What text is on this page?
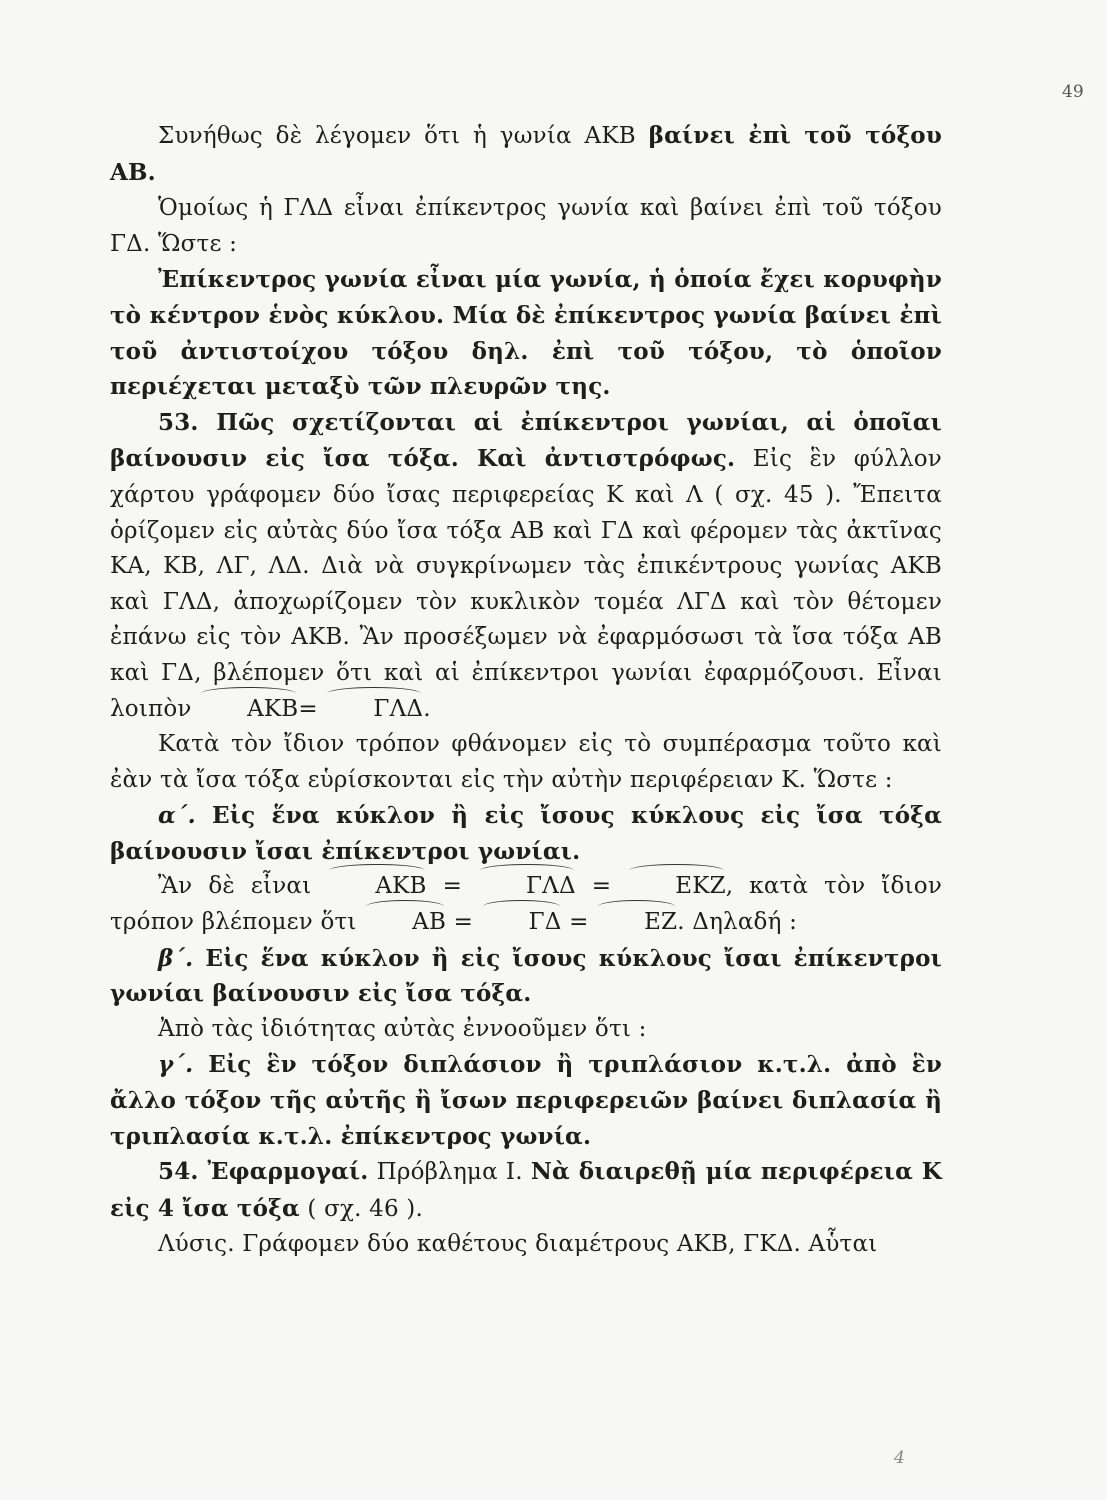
49

Συνήθως δὲ λέγομεν ὅτι ἡ γωνία ΑΚΒ βαίνει ἐπὶ τοῦ τόξου ΑΒ.

Ὁμοίως ἡ ΓΛΔ εἶναι ἐπίκεντρος γωνία καὶ βαίνει ἐπὶ τοῦ τόξου ΓΔ. Ὥστε :

Ἐπίκεντρος γωνία εἶναι μία γωνία, ἡ ὁποία ἔχει κορυφὴν τὸ κέντρον ἑνὸς κύκλου. Μία δὲ ἐπίκεντρος γωνία βαίνει ἐπὶ τοῦ ἀντιστοίχου τόξου δηλ. ἐπὶ τοῦ τόξου, τὸ ὁποῖον περιέχεται μεταξὺ τῶν πλευρῶν της.

53. Πῶς σχετίζονται αἱ ἐπίκεντροι γωνίαι, αἱ ὁποῖαι βαίνουσιν εἰς ἴσα τόξα. Καὶ ἀντιστρόφως. Εἰς ἓν φύλλον χάρτου γράφομεν δύο ἴσας περιφερείας Κ καὶ Λ ( σχ. 45 ). Ἔπειτα ὁρίζομεν εἰς αὐτὰς δύο ἴσα τόξα ΑΒ καὶ ΓΔ καὶ φέρομεν τὰς ἀκτῖνας ΚΑ, ΚΒ, ΛΓ, ΛΔ. Διὰ νὰ συγκρίνωμεν τὰς ἐπικέντρους γωνίας ΑΚΒ καὶ ΓΛΔ, ἀποχωρίζομεν τὸν κυκλικὸν τομέα ΛΓΔ καὶ τὸν θέτομεν ἐπάνω εἰς τὸν ΑΚΒ. Ἂν προσέξωμεν νὰ ἐφαρμόσωσι τὰ ἴσα τόξα ΑΒ καὶ ΓΔ, βλέπομεν ὅτι καὶ αἱ ἐπίκεντροι γωνίαι ἐφαρμόζουσι. Εἶναι λοιπὸν ΑΚΒ= ΓΛΔ.

Κατὰ τὸν ἴδιον τρόπον φθάνομεν εἰς τὸ συμπέρασμα τοῦτο καὶ ἐὰν τὰ ἴσα τόξα εὑρίσκονται εἰς τὴν αὐτὴν περιφέρειαν Κ. Ὥστε :

α΄. Εἰς ἕνα κύκλον ἢ εἰς ἴσους κύκλους εἰς ἴσα τόξα βαίνουσιν ἴσαι ἐπίκεντροι γωνίαι.

Ἂν δὲ εἶναι ΑΚΒ = ΓΛΔ = ΕΚΖ, κατὰ τὸν ἴδιον τρόπον βλέπομεν ὅτι ΑΒ = ΓΔ = ΕΖ. Δηλαδή :

β΄. Εἰς ἕνα κύκλον ἢ εἰς ἴσους κύκλους ἴσαι ἐπίκεντροι γωνίαι βαίνουσιν εἰς ἴσα τόξα.

Ἀπὸ τὰς ἰδιότητας αὐτὰς ἐννοοῦμεν ὅτι :

γ΄. Εἰς ἓν τόξον διπλάσιον ἢ τριπλάσιον κ.τ.λ. ἀπὸ ἓν ἄλλο τόξον τῆς αὐτῆς ἢ ἴσων περιφερειῶν βαίνει διπλασία ἢ τριπλασία κ.τ.λ. ἐπίκεντρος γωνία.

54. Ἐφαρμογαί. Πρόβλημα Ι. Νὰ διαιρεθῇ μία περιφέρεια Κ εἰς 4 ἴσα τόξα ( σχ. 46 ).

Λύσις. Γράφομεν δύο καθέτους διαμέτρους ΑΚΒ, ΓΚΔ. Αὗται

4
